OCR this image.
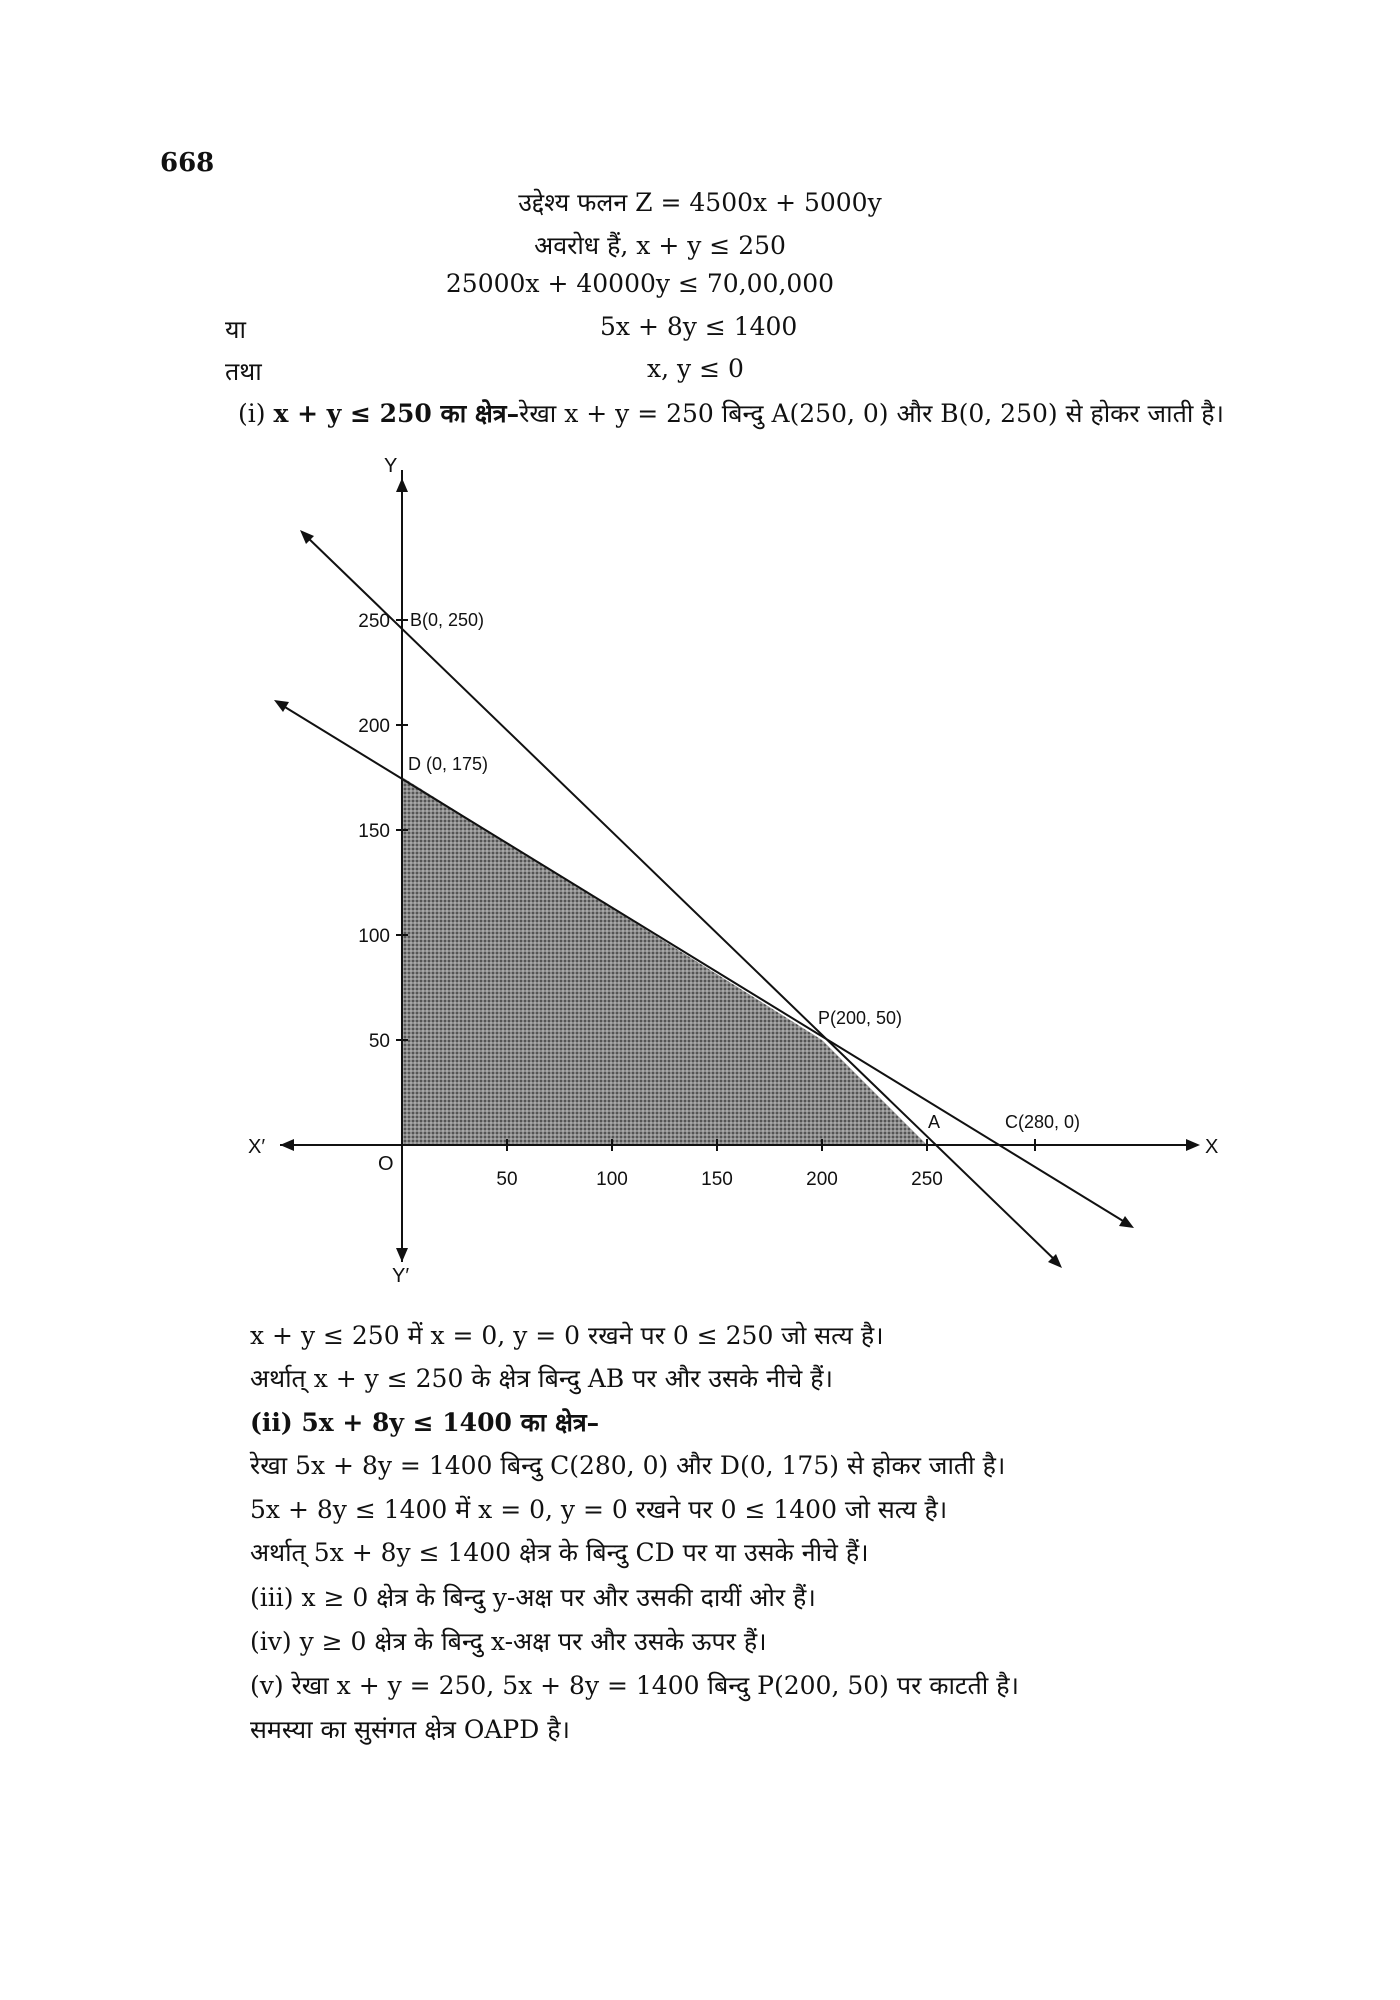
668
उद्देश्य फलन Z = 4500x + 5000y
अवरोध हैं, x + y ≤ 250
25000x + 40000y ≤ 70,00,000
या	5x + 8y ≤ 1400
तथा	x, y ≤ 0
(i) x + y ≤ 250 का क्षेत्र–रेखा x + y = 250 बिन्दु A(250, 0) और B(0, 250) से होकर जाती है।
50	100	150	200	250
50
100
150
200
250
Y
Y′
X
X′
O
B(0, 250)
D (0, 175)
P(200, 50)
A	C(280, 0)
x + y ≤ 250 में x = 0, y = 0 रखने पर 0 ≤ 250 जो सत्य है।
अर्थात् x + y ≤ 250 के क्षेत्र बिन्दु AB पर और उसके नीचे हैं।
(ii) 5x + 8y ≤ 1400 का क्षेत्र–
रेखा 5x + 8y = 1400 बिन्दु C(280, 0) और D(0, 175) से होकर जाती है।
5x + 8y ≤ 1400 में x = 0, y = 0 रखने पर 0 ≤ 1400 जो सत्य है।
अर्थात् 5x + 8y ≤ 1400 क्षेत्र के बिन्दु CD पर या उसके नीचे हैं।
(iii) x ≥ 0 क्षेत्र के बिन्दु y-अक्ष पर और उसकी दायीं ओर हैं।
(iv) y ≥ 0 क्षेत्र के बिन्दु x-अक्ष पर और उसके ऊपर हैं।
(v) रेखा x + y = 250, 5x + 8y = 1400 बिन्दु P(200, 50) पर काटती है।
समस्या का सुसंगत क्षेत्र OAPD है।
